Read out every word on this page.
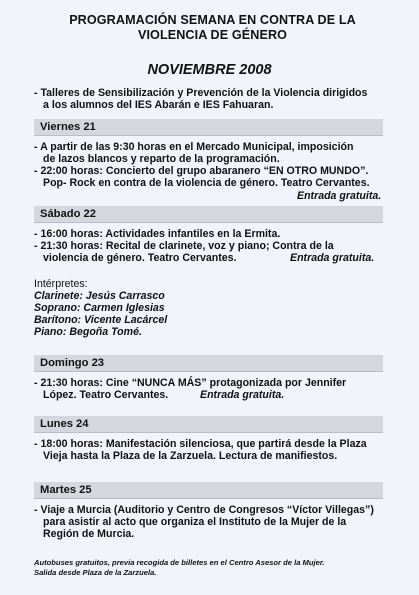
PROGRAMACIÓN SEMANA EN CONTRA DE LA
VIOLENCIA DE GÉNERO
NOVIEMBRE 2008
- Talleres de Sensibilización y Prevención de la Violencia dirigidos
a los alumnos del IES Abarán e IES Fahuaran.
Viernes 21
- A partir de las 9:30 horas en el Mercado Municipal, imposición
de lazos blancos y reparto de la programación.
- 22:00 horas: Concierto del grupo abaranero “EN OTRO MUNDO”.
Pop- Rock en contra de la violencia de género. Teatro Cervantes.
Entrada gratuita.
Sábado 22
- 16:00 horas: Actividades infantiles en la Ermita.
- 21:30 horas: Recital de clarinete, voz y piano; Contra de la
violencia de género. Teatro Cervantes.	Entrada gratuita.
Intérpretes:
Clarinete: Jesús Carrasco
Soprano: Carmen Iglesias
Barítono: Vicente Lacárcel
Piano: Begoña Tomé.
Domingo 23
- 21:30 horas: Cine “NUNCA MÁS” protagonizada por Jennifer
López. Teatro Cervantes.	Entrada gratuita.
Lunes 24
- 18:00 horas: Manifestación silenciosa, que partirá desde la Plaza
Vieja hasta la Plaza de la Zarzuela. Lectura de manifiestos.
Martes 25
- Viaje a Murcia (Auditorio y Centro de Congresos “Víctor Villegas”)
para asistir al acto que organiza el Instituto de la Mujer de la
Región de Murcia.
Autobuses gratuitos, previa recogida de billetes en el Centro Asesor de la Mujer.
Salida desde Plaza de la Zarzuela.
